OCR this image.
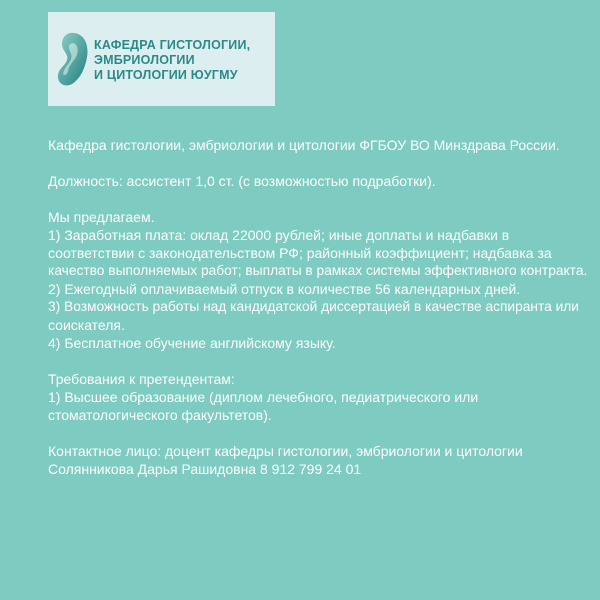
КАФЕДРА ГИСТОЛОГИИ,
ЭМБРИОЛОГИИ
И ЦИТОЛОГИИ ЮУГМУ

Кафедра гистологии, эмбриологии и цитологии ФГБОУ ВО Минздрава России.

Должность: ассистент 1,0 ст. (с возможностью подработки).

Мы предлагаем.

1) Заработная плата: оклад 22000 рублей; иные доплаты и надбавки в

соответствии с законодательством РФ; районный коэффициент; надбавка за

качество выполняемых работ; выплаты в рамках системы эффективного контракта.

2) Ежегодный оплачиваемый отпуск в количестве 56 календарных дней.

3) Возможность работы над кандидатской диссертацией в качестве аспиранта или

соискателя.

4) Бесплатное обучение английскому языку.

Требования к претендентам:

1) Высшее образование (диплом лечебного, педиатрического или

стоматологического факультетов).

Контактное лицо: доцент кафедры гистологии, эмбриологии и цитологии

Солянникова Дарья Рашидовна 8 912 799 24 01
